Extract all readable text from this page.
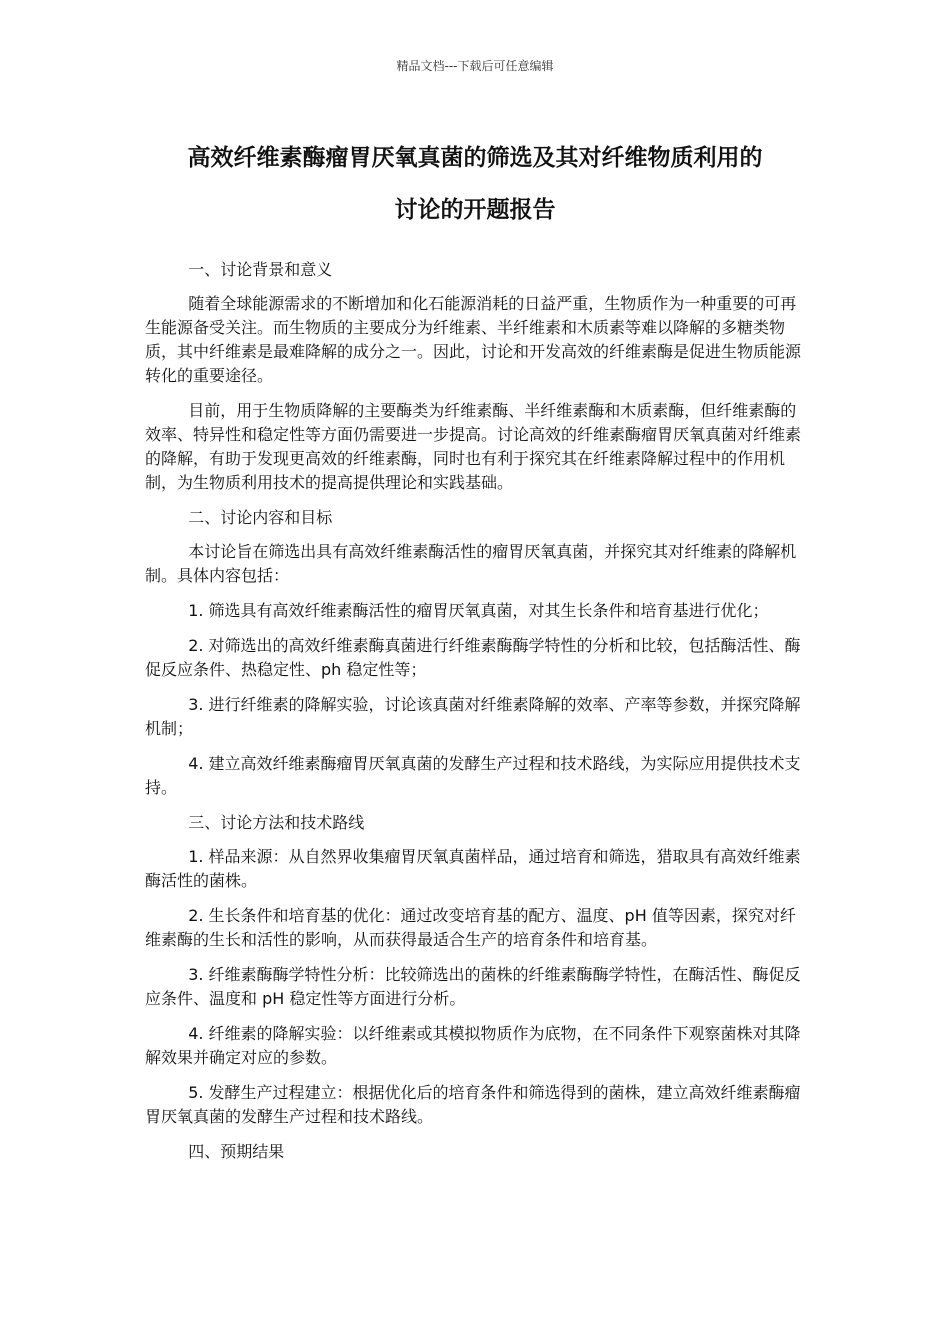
精品文档---下载后可任意编辑
高效纤维素酶瘤胃厌氧真菌的筛选及其对纤维物质利用的
讨论的开题报告

一、讨论背景和意义

随着全球能源需求的不断增加和化石能源消耗的日益严重，生物质作为一种重要的可再生能源备受关注。而生物质的主要成分为纤维素、半纤维素和木质素等难以降解的多糖类物质，其中纤维素是最难降解的成分之一。因此，讨论和开发高效的纤维素酶是促进生物质能源转化的重要途径。

目前，用于生物质降解的主要酶类为纤维素酶、半纤维素酶和木质素酶，但纤维素酶的效率、特异性和稳定性等方面仍需要进一步提高。讨论高效的纤维素酶瘤胃厌氧真菌对纤维素的降解，有助于发现更高效的纤维素酶，同时也有利于探究其在纤维素降解过程中的作用机制，为生物质利用技术的提高提供理论和实践基础。

二、讨论内容和目标

本讨论旨在筛选出具有高效纤维素酶活性的瘤胃厌氧真菌，并探究其对纤维素的降解机制。具体内容包括：

1. 筛选具有高效纤维素酶活性的瘤胃厌氧真菌，对其生长条件和培育基进行优化；

2. 对筛选出的高效纤维素酶真菌进行纤维素酶酶学特性的分析和比较，包括酶活性、酶促反应条件、热稳定性、ph 稳定性等；

3. 进行纤维素的降解实验，讨论该真菌对纤维素降解的效率、产率等参数，并探究降解机制；

4. 建立高效纤维素酶瘤胃厌氧真菌的发酵生产过程和技术路线，为实际应用提供技术支持。

三、讨论方法和技术路线

1. 样品来源：从自然界收集瘤胃厌氧真菌样品，通过培育和筛选，猎取具有高效纤维素酶活性的菌株。

2. 生长条件和培育基的优化：通过改变培育基的配方、温度、pH 值等因素，探究对纤维素酶的生长和活性的影响，从而获得最适合生产的培育条件和培育基。

3. 纤维素酶酶学特性分析：比较筛选出的菌株的纤维素酶酶学特性，在酶活性、酶促反应条件、温度和 pH 稳定性等方面进行分析。

4. 纤维素的降解实验：以纤维素或其模拟物质作为底物，在不同条件下观察菌株对其降解效果并确定对应的参数。

5. 发酵生产过程建立：根据优化后的培育条件和筛选得到的菌株，建立高效纤维素酶瘤胃厌氧真菌的发酵生产过程和技术路线。

四、预期结果
